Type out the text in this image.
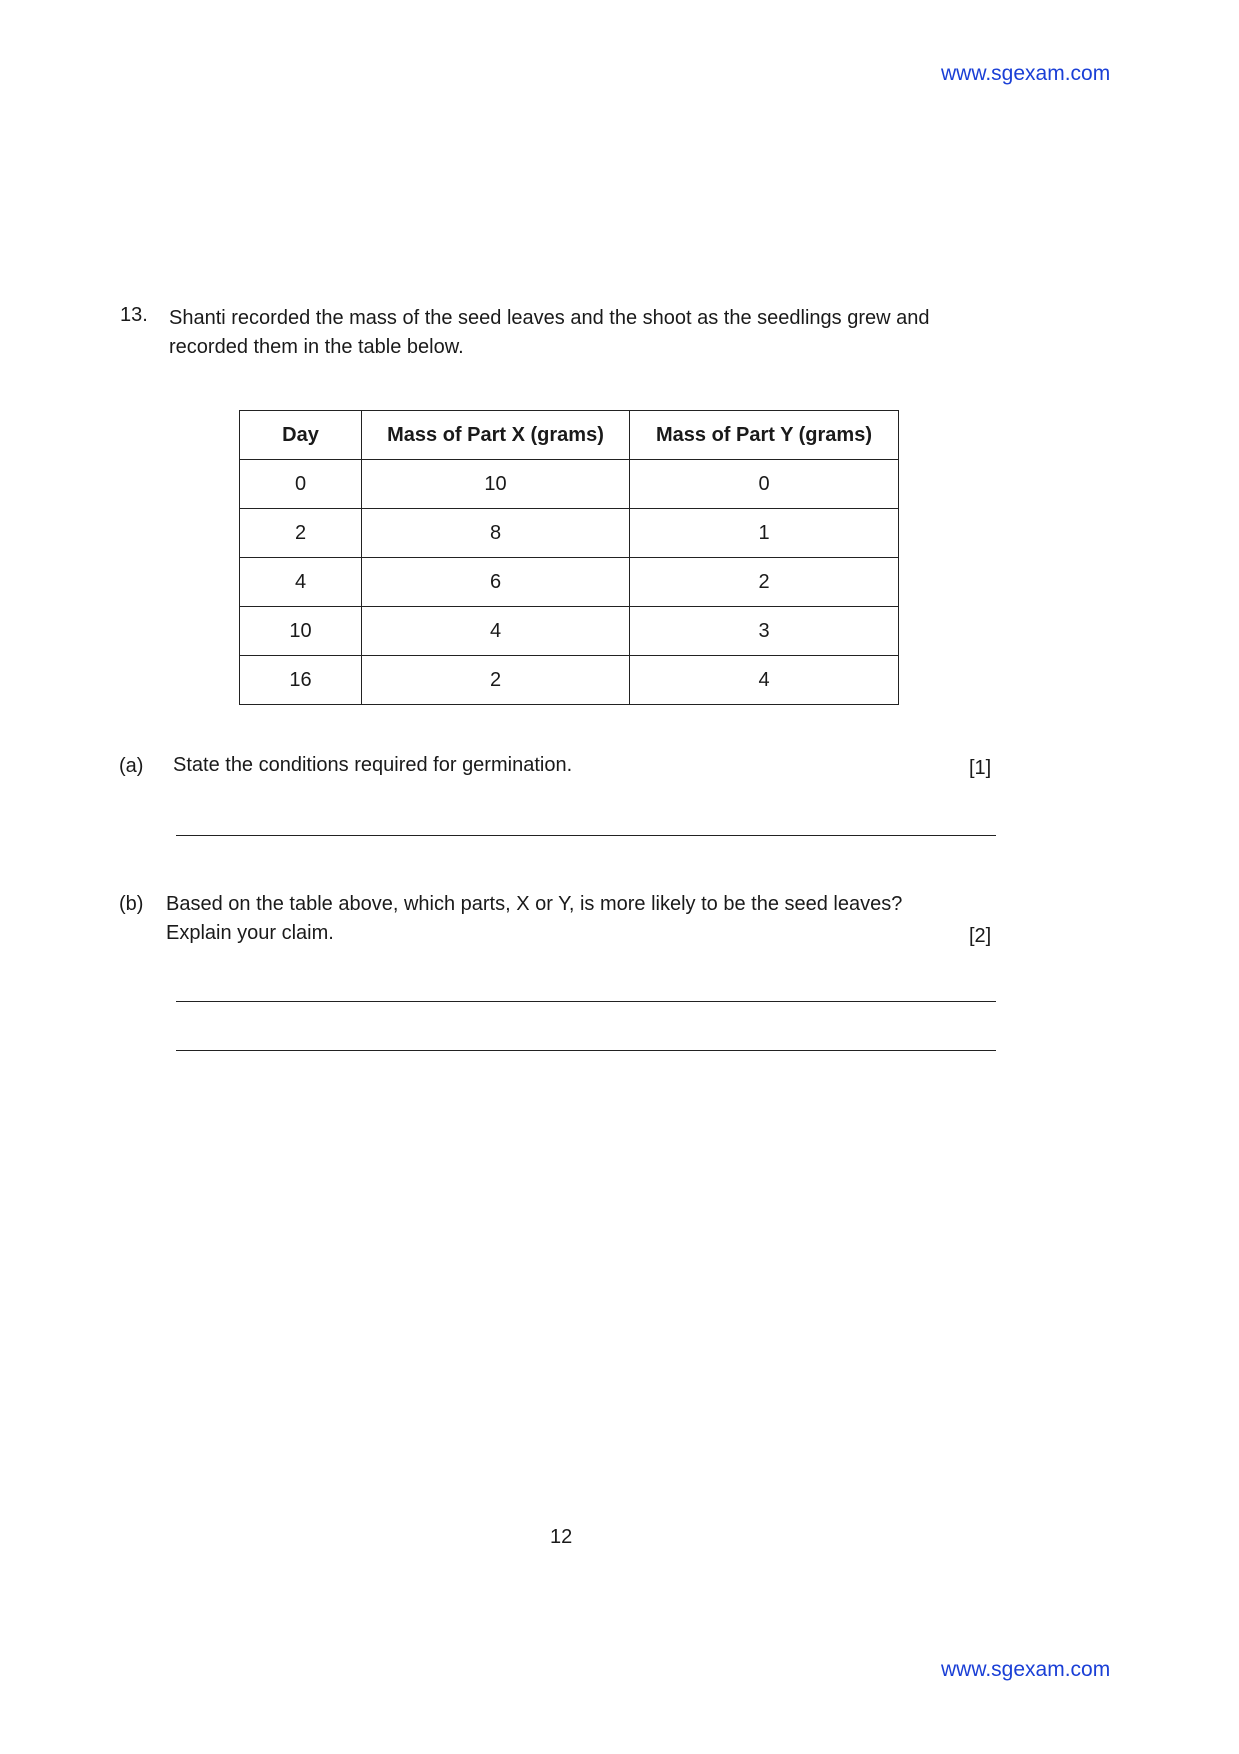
www.sgexam.com
13. Shanti recorded the mass of the seed leaves and the shoot as the seedlings grew and recorded them in the table below.
Day	Mass of Part X (grams)	Mass of Part Y (grams)
0	10	0
2	8	1
4	6	2
10	4	3
16	2	4
(a) State the conditions required for germination.	[1]
(b) Based on the table above, which parts, X or Y, is more likely to be the seed leaves? Explain your claim.	[2]
12
www.sgexam.com
